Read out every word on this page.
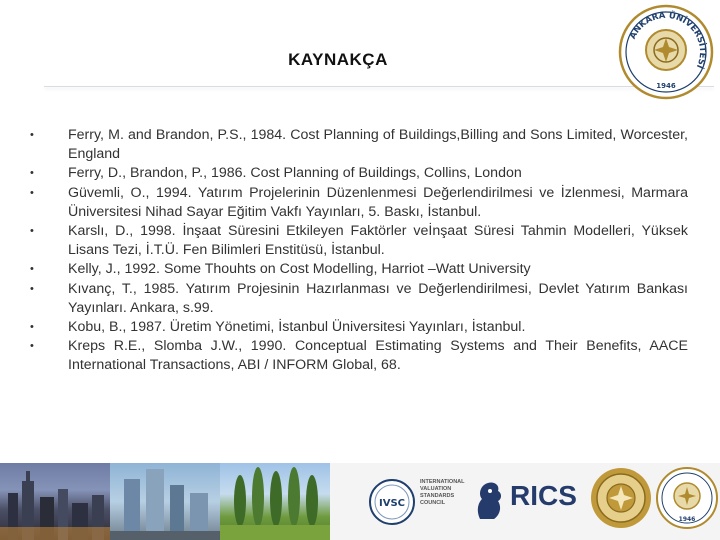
KAYNAKÇA
ANKARA ÜNİVERSİTESİ
1946
•	Ferry, M. and Brandon, P.S., 1984. Cost Planning of Buildings,Billing and Sons Limited, Worcester, England
•	Ferry, D., Brandon, P., 1986. Cost Planning of Buildings, Collins, London
•	Güvemli, O., 1994. Yatırım Projelerinin Düzenlenmesi Değerlendirilmesi ve İzlenmesi, Marmara Üniversitesi Nihad Sayar Eğitim Vakfı Yayınları, 5. Baskı, İstanbul.
•	Karslı, D., 1998. İnşaat Süresini Etkileyen Faktörler veİnşaat Süresi Tahmin Modelleri, Yüksek Lisans Tezi, İ.T.Ü. Fen Bilimleri Enstitüsü, İstanbul.
•	Kelly, J., 1992. Some Thouhts on Cost Modelling, Harriot –Watt University
•	Kıvanç, T., 1985. Yatırım Projesinin Hazırlanması ve Değerlendirilmesi, Devlet Yatırım Bankası Yayınları. Ankara, s.99.
•	Kobu, B., 1987. Üretim Yönetimi, İstanbul Üniversitesi Yayınları, İstanbul.
•	Kreps R.E., Slomba J.W., 1990. Conceptual Estimating Systems and Their Benefits, AACE International Transactions, ABI / INFORM Global, 68.
IVSC
INTERNATIONAL VALUATION STANDARDS COUNCIL	RICS
1946
